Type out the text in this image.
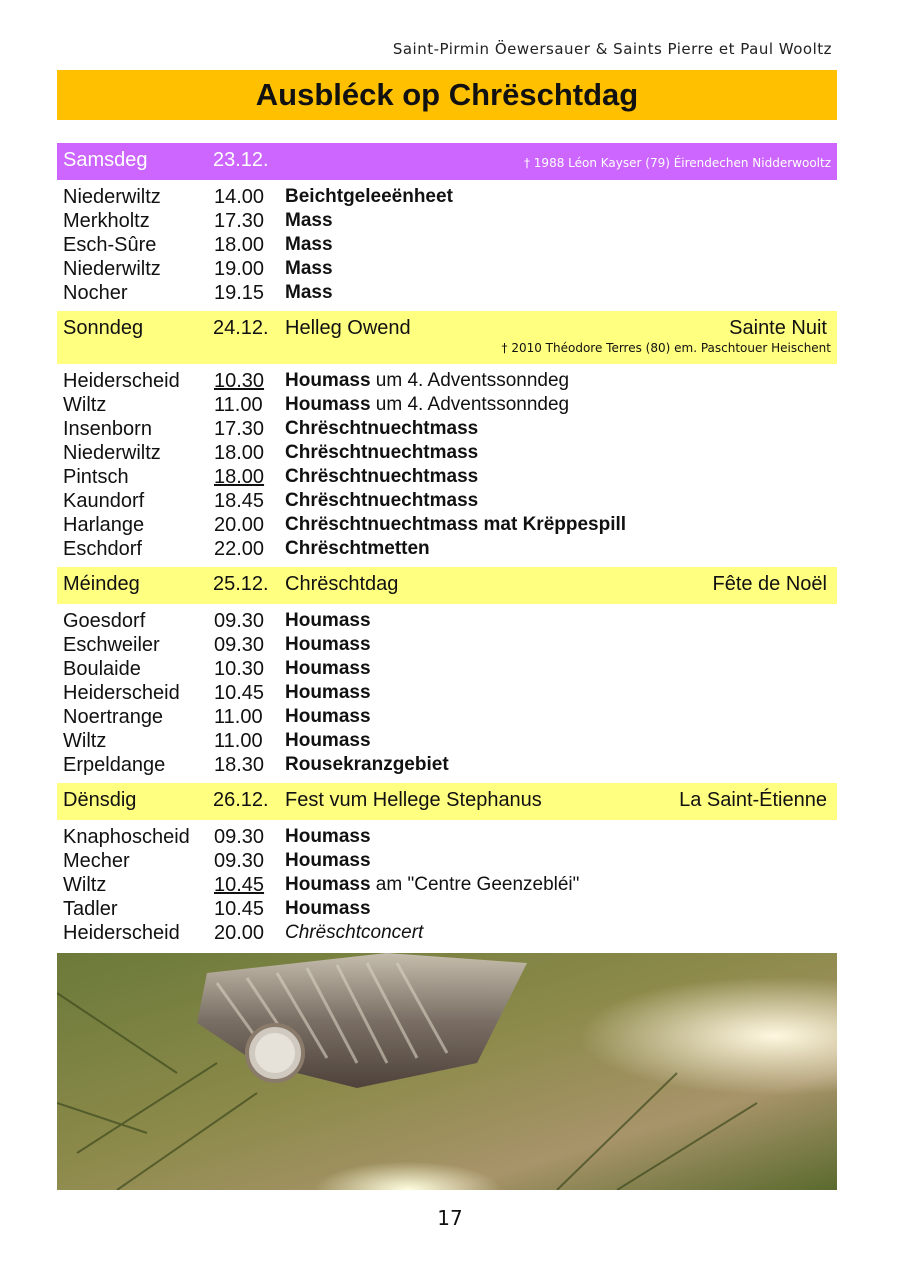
Saint-Pirmin Öewersauer & Saints Pierre et Paul Wooltz
Ausbléck op Chrëschtdag
Samsdeg	23.12.	† 1988 Léon Kayser (79) Éirendechen Nidderwooltz
Niederwiltz	14.00	Beichtgeleeënheet
Merkholtz	17.30	Mass
Esch-Sûre	18.00	Mass
Niederwiltz	19.00	Mass
Nocher	19.15	Mass
Sonndeg	24.12. Helleg Owend	Sainte Nuit
† 2010 Théodore Terres (80) em. Paschtouer Heischent
Heiderscheid	10.30	Houmass um 4. Adventssonndeg
Wiltz	11.00	Houmass um 4. Adventssonndeg
Insenborn	17.30	Chrëschtnuechtmass
Niederwiltz	18.00	Chrëschtnuechtmass
Pintsch	18.00	Chrëschtnuechtmass
Kaundorf	18.45	Chrëschtnuechtmass
Harlange	20.00	Chrëschtnuechtmass mat Krëppespill
Eschdorf	22.00	Chrëschtmetten
Méindeg	25.12. Chrëschtdag	Fête de Noël
Goesdorf	09.30	Houmass
Eschweiler	09.30	Houmass
Boulaide	10.30	Houmass
Heiderscheid	10.45	Houmass
Noertrange	11.00	Houmass
Wiltz	11.00	Houmass
Erpeldange	18.30	Rousekranzgebiet
Dënsdig	26.12. Fest vum Hellege Stephanus	La Saint-Étienne
Knaphoscheid	09.30	Houmass
Mecher	09.30	Houmass
Wiltz	10.45	Houmass am "Centre Geenzebléi"
Tadler	10.45	Houmass
Heiderscheid	20.00	Chrëschtconcert
17
